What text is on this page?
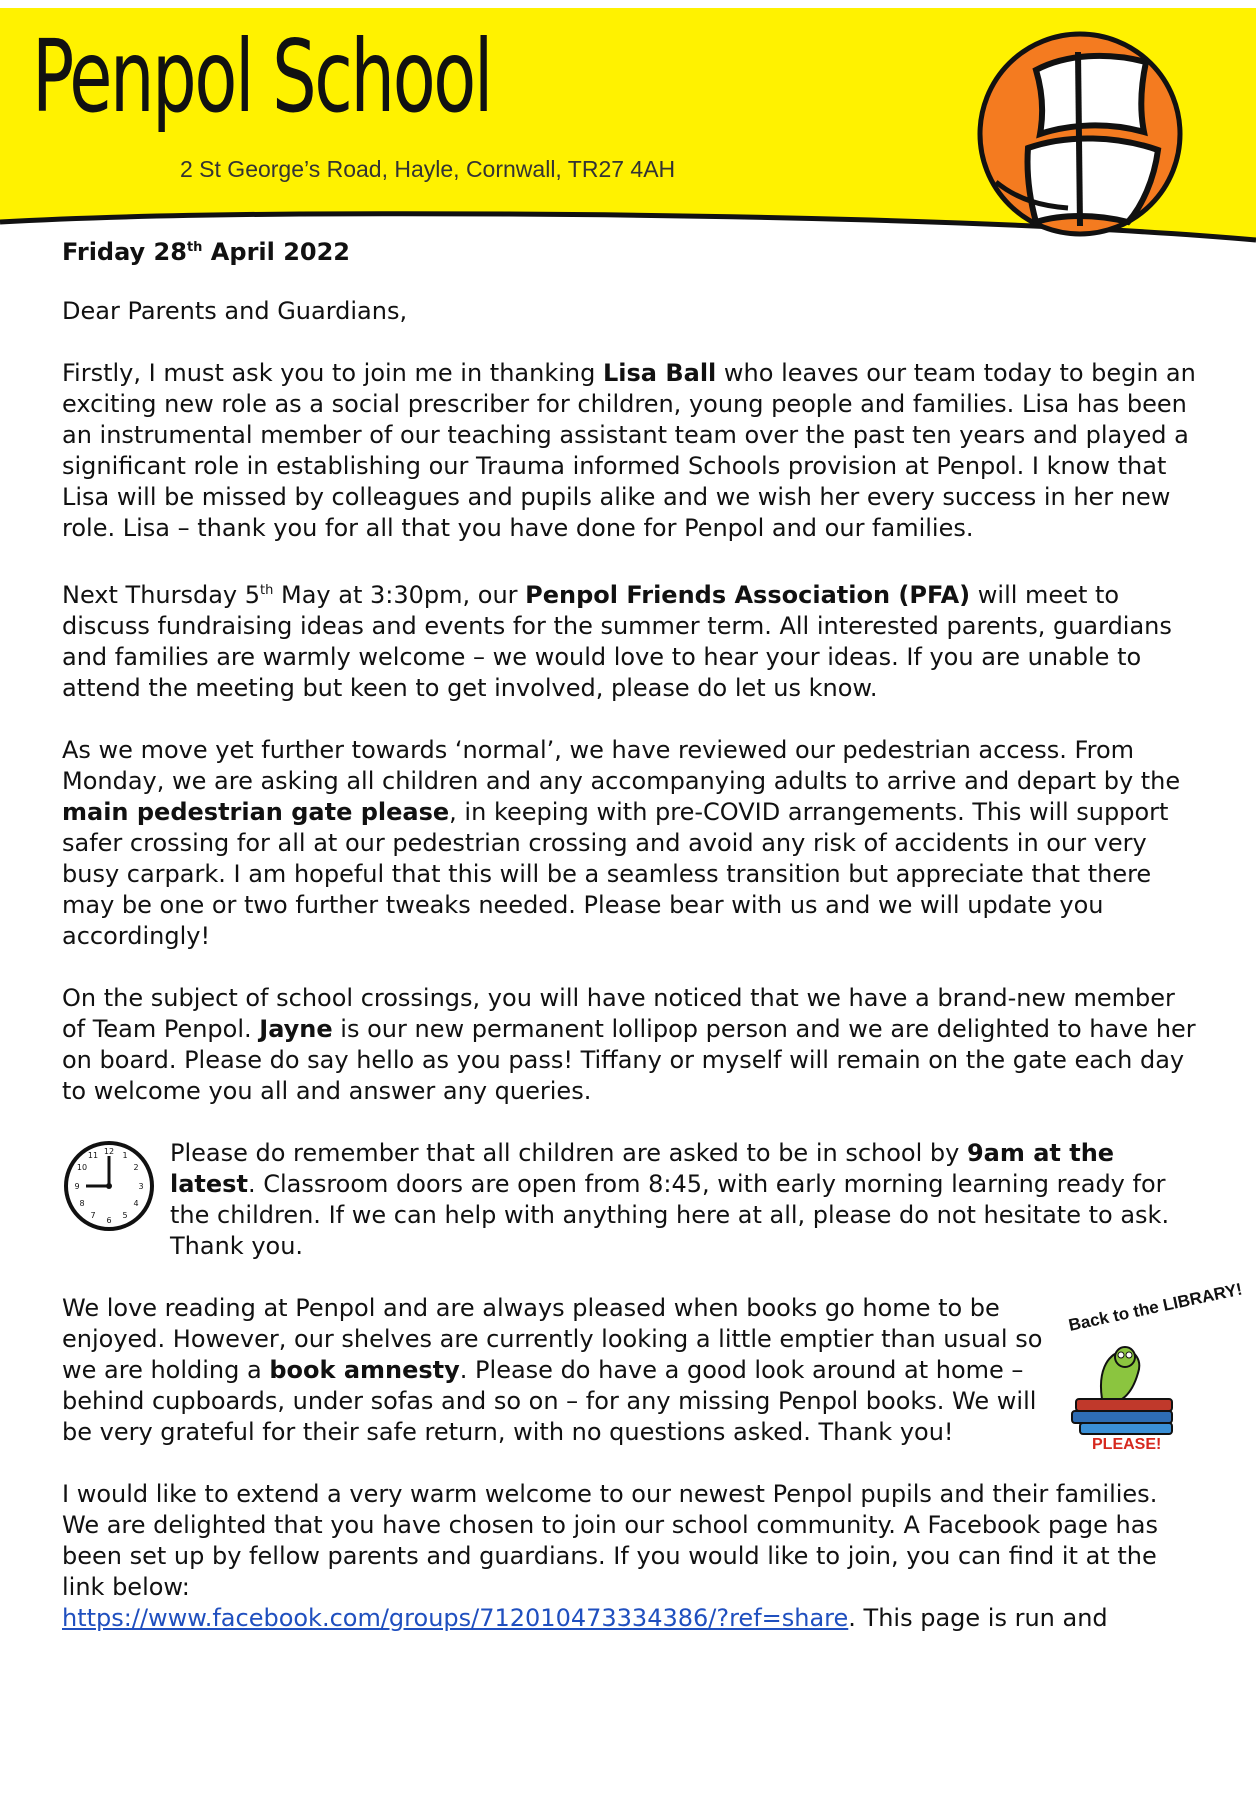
Penpol School
2 St George’s Road, Hayle, Cornwall, TR27 4AH
Friday 28th April 2022

Dear Parents and Guardians,

Firstly, I must ask you to join me in thanking Lisa Ball who leaves our team today to begin an exciting new role as a social prescriber for children, young people and families. Lisa has been an instrumental member of our teaching assistant team over the past ten years and played a significant role in establishing our Trauma informed Schools provision at Penpol. I know that Lisa will be missed by colleagues and pupils alike and we wish her every success in her new role. Lisa – thank you for all that you have done for Penpol and our families.

Next Thursday 5th May at 3:30pm, our Penpol Friends Association (PFA) will meet to discuss fundraising ideas and events for the summer term. All interested parents, guardians and families are warmly welcome – we would love to hear your ideas. If you are unable to attend the meeting but keen to get involved, please do let us know.

As we move yet further towards ‘normal’, we have reviewed our pedestrian access. From Monday, we are asking all children and any accompanying adults to arrive and depart by the main pedestrian gate please, in keeping with pre-COVID arrangements. This will support safer crossing for all at our pedestrian crossing and avoid any risk of accidents in our very busy carpark. I am hopeful that this will be a seamless transition but appreciate that there may be one or two further tweaks needed. Please bear with us and we will update you accordingly!

On the subject of school crossings, you will have noticed that we have a brand-new member of Team Penpol. Jayne is our new permanent lollipop person and we are delighted to have her on board. Please do say hello as you pass! Tiffany or myself will remain on the gate each day to welcome you all and answer any queries.

12 1
2
3
4
5
6
7
8
9
10
11	Please do remember that all children are asked to be in school by 9am at the latest. Classroom doors are open from 8:45, with early morning learning ready for the children. If we can help with anything here at all, please do not hesitate to ask. Thank you.

Back to the LIBRARY!
PLEASE!
We love reading at Penpol and are always pleased when books go home to be enjoyed. However, our shelves are currently looking a little emptier than usual so we are holding a book amnesty. Please do have a good look around at home – behind cupboards, under sofas and so on – for any missing Penpol books. We will be very grateful for their safe return, with no questions asked. Thank you!

I would like to extend a very warm welcome to our newest Penpol pupils and their families. We are delighted that you have chosen to join our school community. A Facebook page has been set up by fellow parents and guardians. If you would like to join, you can find it at the link below:
https://www.facebook.com/groups/712010473334386/?ref=share. This page is run and
